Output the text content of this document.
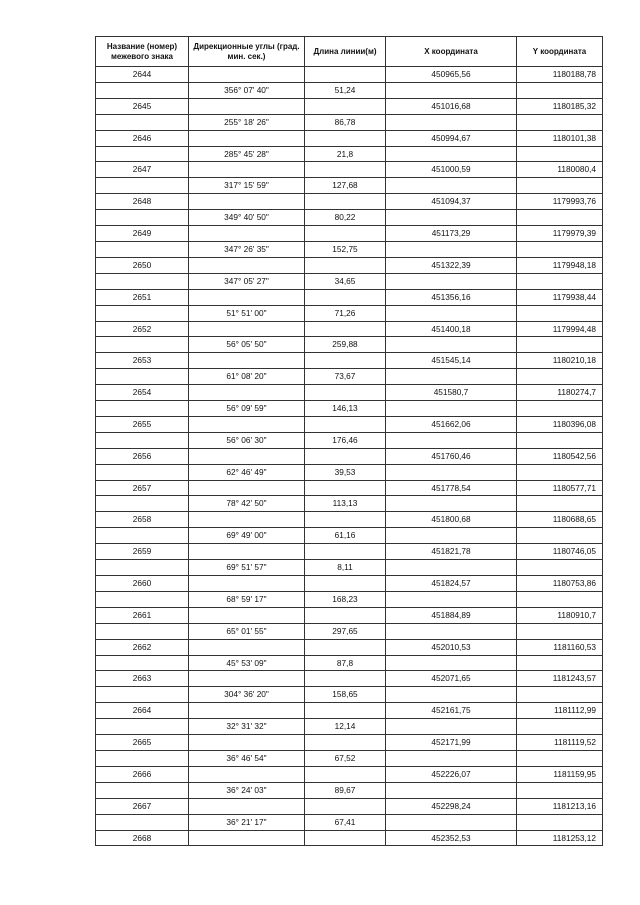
Название (номер) межевого знака	Дирекционные углы (град. мин. сек.)	Длина линии(м)	X координата	Y координата
2644			450965,56	1180188,78
	356° 07' 40"	51,24		
2645			451016,68	1180185,32
	255° 18' 26"	86,78		
2646			450994,67	1180101,38
	285° 45' 28"	21,8		
2647			451000,59	1180080,4
	317° 15' 59"	127,68		
2648			451094,37	1179993,76
	349° 40' 50"	80,22		
2649			451173,29	1179979,39
	347° 26' 35"	152,75		
2650			451322,39	1179948,18
	347° 05' 27"	34,65		
2651			451356,16	1179938,44
	51° 51' 00"	71,26		
2652			451400,18	1179994,48
	56° 05' 50"	259,88		
2653			451545,14	1180210,18
	61° 08' 20"	73,67		
2654			451580,7	1180274,7
	56° 09' 59"	146,13		
2655			451662,06	1180396,08
	56° 06' 30"	176,46		
2656			451760,46	1180542,56
	62° 46' 49"	39,53		
2657			451778,54	1180577,71
	78° 42' 50"	113,13		
2658			451800,68	1180688,65
	69° 49' 00"	61,16		
2659			451821,78	1180746,05
	69° 51' 57"	8,11		
2660			451824,57	1180753,86
	68° 59' 17"	168,23		
2661			451884,89	1180910,7
	65° 01' 55"	297,65		
2662			452010,53	1181160,53
	45° 53' 09"	87,8		
2663			452071,65	1181243,57
	304° 36' 20"	158,65		
2664			452161,75	1181112,99
	32° 31' 32"	12,14		
2665			452171,99	1181119,52
	36° 46' 54"	67,52		
2666			452226,07	1181159,95
	36° 24' 03"	89,67		
2667			452298,24	1181213,16
	36° 21' 17"	67,41		
2668			452352,53	1181253,12
